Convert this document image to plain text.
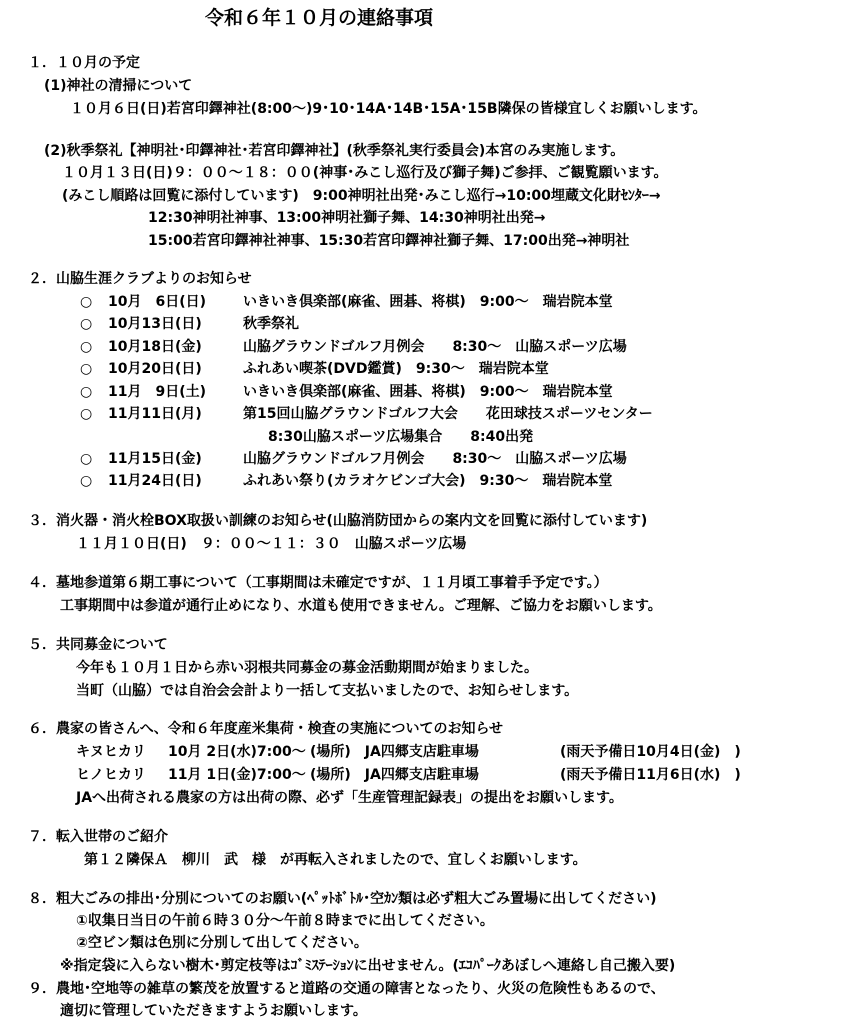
令和６年１０月の連絡事項
１．１０月の予定
(1)神社の清掃について
１０月６日(日)若宮印鐸神社(8:00～)9･10･14A･14B･15A･15B隣保の皆様宜しくお願いします。
(2)秋季祭礼【神明社･印鐸神社･若宮印鐸神社】(秋季祭礼実行委員会)本宮のみ実施します。
１０月１３日(日)９：００～１８：００(神事･みこし巡行及び獅子舞)ご参拝、ご観覧願います。
(みこし順路は回覧に添付しています)　9:00神明社出発･みこし巡行→10:00埋蔵文化財ｾﾝﾀｰ→
12:30神明社神事、13:00神明社獅子舞、14:30神明社出発→
15:00若宮印鐸神社神事、15:30若宮印鐸神社獅子舞、17:00出発→神明社
２．山脇生涯クラブよりのお知らせ
○ 10月　6日(日)	いきいき倶楽部(麻雀、囲碁、将棋)　9:00～　瑞岩院本堂
○ 10月13日(日)	秋季祭礼
○ 10月18日(金)	山脇グラウンドゴルフ月例会　　8:30～　山脇スポーツ広場
○ 10月20日(日)	ふれあい喫茶(DVD鑑賞)　9:30～　瑞岩院本堂
○ 11月　9日(土)	いきいき倶楽部(麻雀、囲碁、将棋)　9:00～　瑞岩院本堂
○ 11月11日(月)	第15回山脇グラウンドゴルフ大会　　花田球技スポーツセンター
8:30山脇スポーツ広場集合　　8:40出発
○ 11月15日(金)	山脇グラウンドゴルフ月例会　　8:30～　山脇スポーツ広場
○ 11月24日(日)	ふれあい祭り(カラオケビンゴ大会)　9:30～　瑞岩院本堂
３．消火器・消火栓BOX取扱い訓練のお知らせ(山脇消防団からの案内文を回覧に添付しています)
１１月１０日(日)　９：００～１１：３０　山脇スポーツ広場
４．墓地参道第６期工事について（工事期間は未確定ですが、１１月頃工事着手予定です。）
工事期間中は参道が通行止めになり、水道も使用できません。ご理解、ご協力をお願いします。
５．共同募金について
今年も１０月１日から赤い羽根共同募金の募金活動期間が始まりました。
当町（山脇）では自治会会計より一括して支払いましたので、お知らせします。
６．農家の皆さんへ、令和６年度産米集荷・検査の実施についてのお知らせ
キヌヒカリ 10月 2日(水)7:00～ (場所)　JA四郷支店駐車場	(雨天予備日10月4日(金)　)
ヒノヒカリ 11月 1日(金)7:00～ (場所)　JA四郷支店駐車場	(雨天予備日11月6日(水)　)
JAへ出荷される農家の方は出荷の際、必ず「生産管理記録表」の提出をお願いします。
７．転入世帯のご紹介
第１２隣保Ａ　柳川　武　様　が再転入されましたので、宜しくお願いします。
８．粗大ごみの排出･分別についてのお願い(ﾍﾟｯﾄﾎﾞﾄﾙ･空ｶﾝ類は必ず粗大ごみ置場に出してください)
①収集日当日の午前６時３０分～午前８時までに出してください。
②空ビン類は色別に分別して出してください。
※指定袋に入らない樹木･剪定枝等はｺﾞﾐｽﾃｰｼｮﾝに出せません。(ｴｺﾊﾟｰｸあぼしへ連絡し自己搬入要)
９．農地･空地等の雑草の繁茂を放置すると道路の交通の障害となったり、火災の危険性もあるので、
適切に管理していただきますようお願いします。
